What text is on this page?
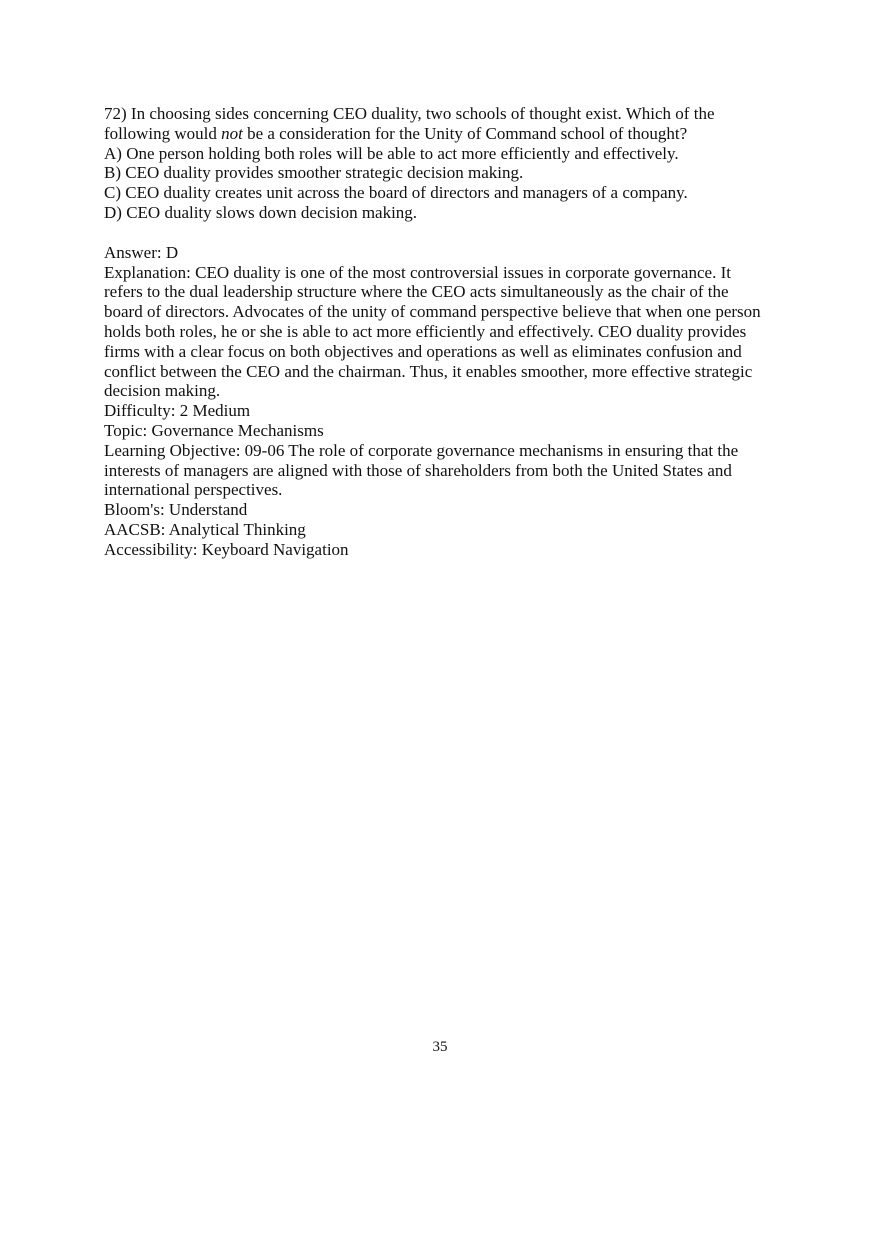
72) In choosing sides concerning CEO duality, two schools of thought exist. Which of the
following would not be a consideration for the Unity of Command school of thought?
A) One person holding both roles will be able to act more efficiently and effectively.
B) CEO duality provides smoother strategic decision making.
C) CEO duality creates unit across the board of directors and managers of a company.
D) CEO duality slows down decision making.
Answer: D
Explanation: CEO duality is one of the most controversial issues in corporate governance. It
refers to the dual leadership structure where the CEO acts simultaneously as the chair of the
board of directors. Advocates of the unity of command perspective believe that when one person
holds both roles, he or she is able to act more efficiently and effectively. CEO duality provides
firms with a clear focus on both objectives and operations as well as eliminates confusion and
conflict between the CEO and the chairman. Thus, it enables smoother, more effective strategic
decision making.
Difficulty: 2 Medium
Topic: Governance Mechanisms
Learning Objective: 09-06 The role of corporate governance mechanisms in ensuring that the
interests of managers are aligned with those of shareholders from both the United States and
international perspectives.
Bloom's: Understand
AACSB: Analytical Thinking
Accessibility: Keyboard Navigation
35
